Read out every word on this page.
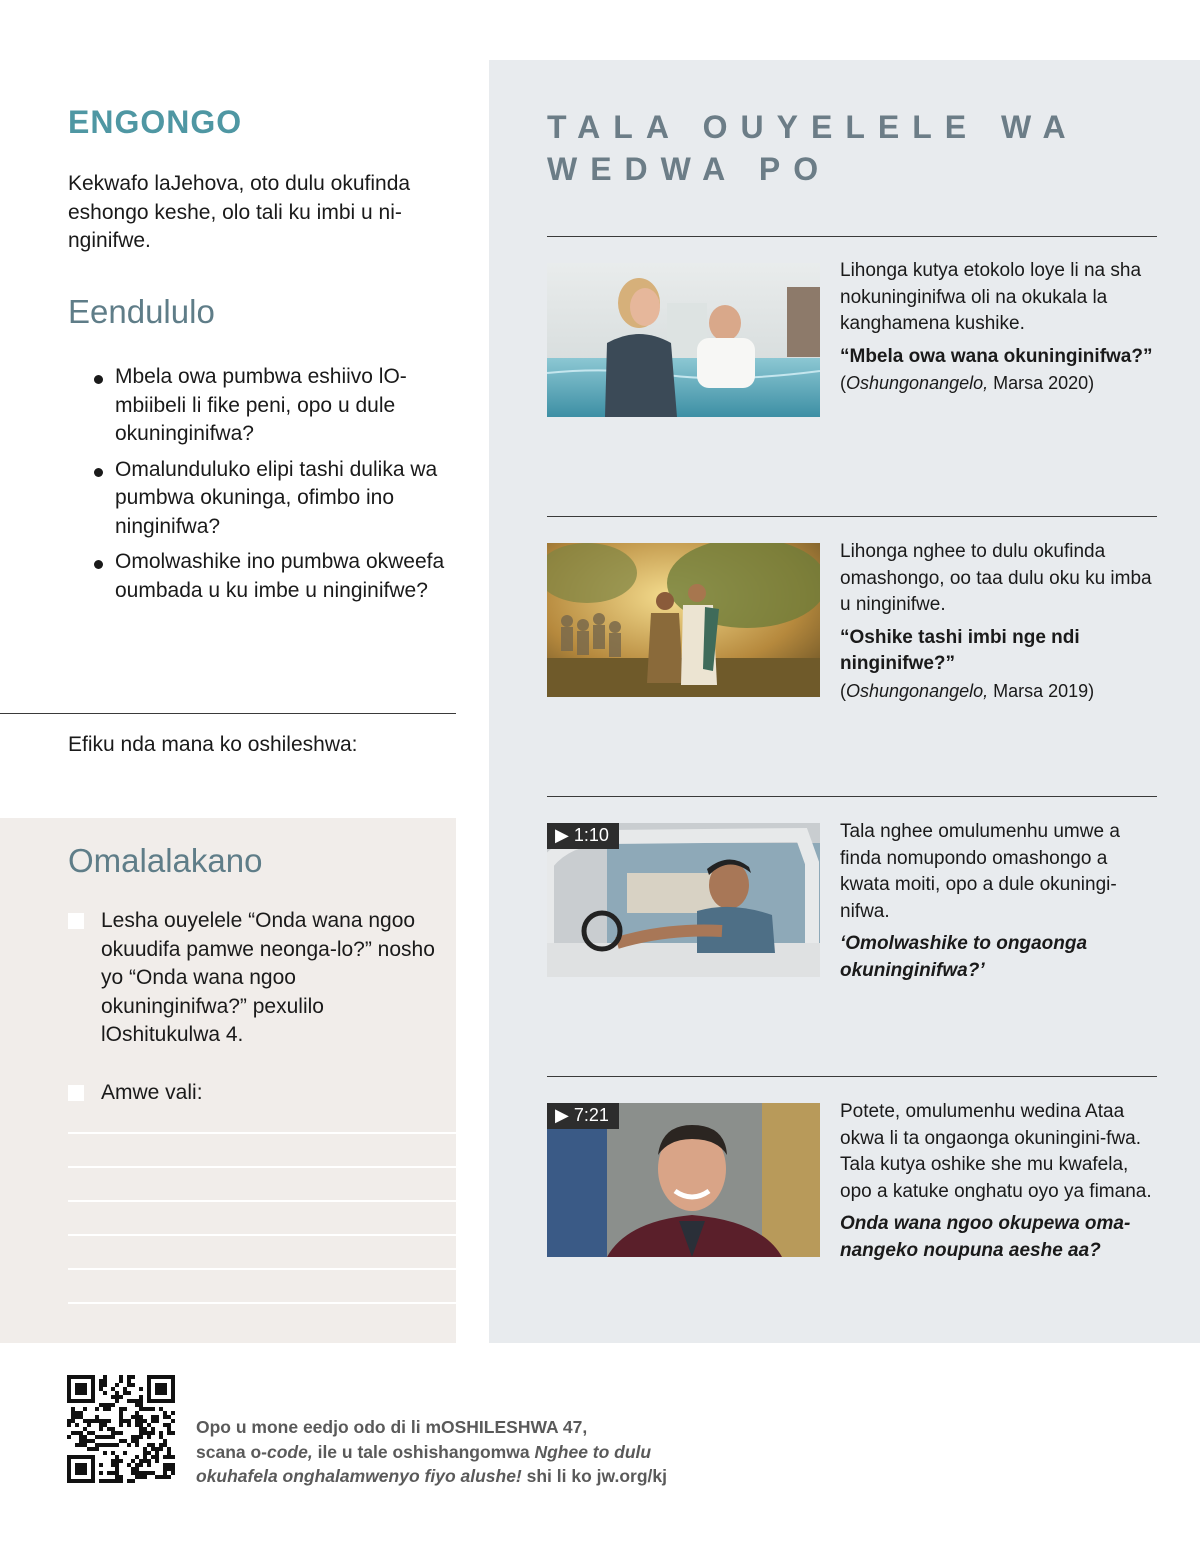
ENGONGO

Kekwafo laJehova, oto dulu okufinda eshongo keshe, olo tali ku imbi u ni-nginifwe.

Eendululo
Mbela owa pumbwa eshiivo lO-mbiibeli li fike peni, opo u dule okuninginifwa?
Omalunduluko elipi tashi dulika wa pumbwa okuninga, ofimbo ino ninginifwa?
Omolwashike ino pumbwa okweefa oumbada u ku imbe u ninginifwe?

Efiku nda mana ko oshileshwa:

Omalalakano
Lesha ouyelele “Onda wana ngoo okuudifa pamwe neonga-lo?” nosho yo “Onda wana ngoo okuninginifwa?” pexulilo lOshitukulwa 4.
Amwe vali:
TALA OUYELELE WA WEDWA PO

Lihonga kutya etokolo loye li na sha nokuninginifwa oli na okukala la kanghamena kushike.

“Mbela owa wana okuninginifwa?”

(Oshungonangelo, Marsa 2020)

Lihonga nghee to dulu okufinda omashongo, oo taa dulu oku ku imba u ninginifwe.

“Oshike tashi imbi nge ndi ninginifwe?”

(Oshungonangelo, Marsa 2019)

▶ 1:10	Tala nghee omulumenhu umwe a finda nomupondo omashongo a kwata moiti, opo a dule okuningi-nifwa.

‘Omolwashike to ongaonga okuninginifwa?’

▶ 7:21	Potete, omulumenhu wedina Ataa okwa li ta ongaonga okuningini-fwa. Tala kutya oshike she mu kwafela, opo a katuke onghatu oyo ya fimana.

Onda wana ngoo okupewa oma-nangeko noupuna aeshe aa?

Opo u mone eedjo odo di li mOSHILESHWA 47,
scana o-code, ile u tale oshishangomwa Nghee to dulu
okuhafela onghalamwenyo fiyo alushe! shi li ko jw.org/kj
